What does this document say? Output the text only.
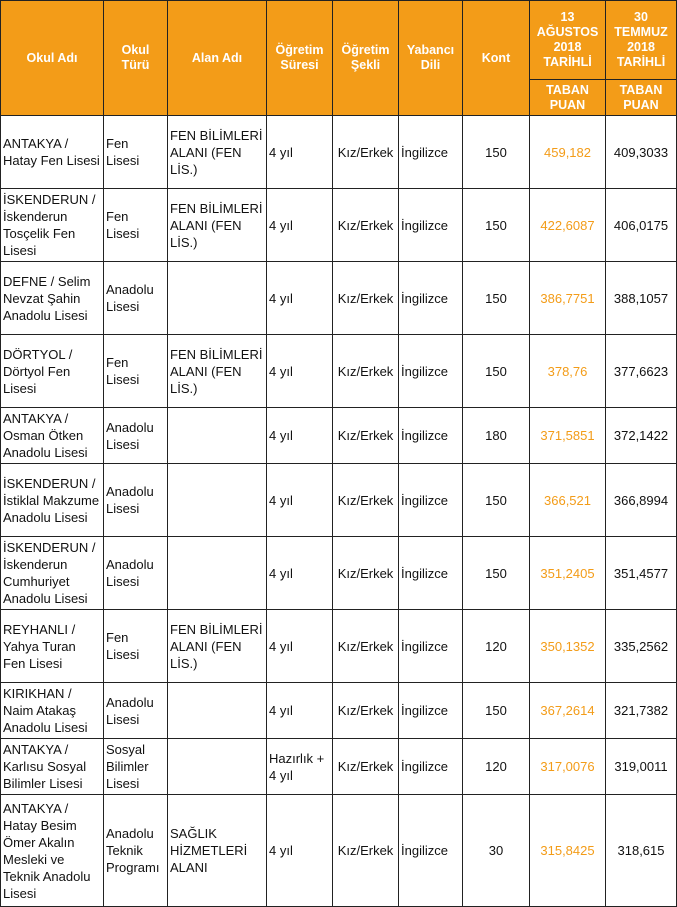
Okul Adı	Okul Türü	Alan Adı	Öğretim Süresi	Öğretim Şekli	Yabancı Dili	Kont	13 AĞUSTOS 2018 TARİHLİ	30 TEMMUZ 2018 TARİHLİ
							TABAN PUAN	TABAN PUAN
ANTAKYA / Hatay Fen Lisesi	Fen Lisesi	FEN BİLİMLERİ ALANI (FEN LİS.)	4 yıl	Kız/Erkek	İngilizce	150	459,182	409,3033
İSKENDERUN / İskenderun Tosçelik Fen Lisesi	Fen Lisesi	FEN BİLİMLERİ ALANI (FEN LİS.)	4 yıl	Kız/Erkek	İngilizce	150	422,6087	406,0175
DEFNE / Selim Nevzat Şahin Anadolu Lisesi	Anadolu Lisesi		4 yıl	Kız/Erkek	İngilizce	150	386,7751	388,1057
DÖRTYOL / Dörtyol Fen Lisesi	Fen Lisesi	FEN BİLİMLERİ ALANI (FEN LİS.)	4 yıl	Kız/Erkek	İngilizce	150	378,76	377,6623
ANTAKYA / Osman Ötken Anadolu Lisesi	Anadolu Lisesi		4 yıl	Kız/Erkek	İngilizce	180	371,5851	372,1422
İSKENDERUN / İstiklal Makzume Anadolu Lisesi	Anadolu Lisesi		4 yıl	Kız/Erkek	İngilizce	150	366,521	366,8994
İSKENDERUN / İskenderun Cumhuriyet Anadolu Lisesi	Anadolu Lisesi		4 yıl	Kız/Erkek	İngilizce	150	351,2405	351,4577
REYHANLI / Yahya Turan Fen Lisesi	Fen Lisesi	FEN BİLİMLERİ ALANI (FEN LİS.)	4 yıl	Kız/Erkek	İngilizce	120	350,1352	335,2562
KIRIKHAN / Naim Atakaş Anadolu Lisesi	Anadolu Lisesi		4 yıl	Kız/Erkek	İngilizce	150	367,2614	321,7382
ANTAKYA / Karlısu Sosyal Bilimler Lisesi	Sosyal Bilimler Lisesi		Hazırlık + 4 yıl	Kız/Erkek	İngilizce	120	317,0076	319,0011
ANTAKYA / Hatay Besim Ömer Akalın Mesleki ve Teknik Anadolu Lisesi	Anadolu Teknik Programı	SAĞLIK HİZMETLERİ ALANI	4 yıl	Kız/Erkek	İngilizce	30	315,8425	318,615
